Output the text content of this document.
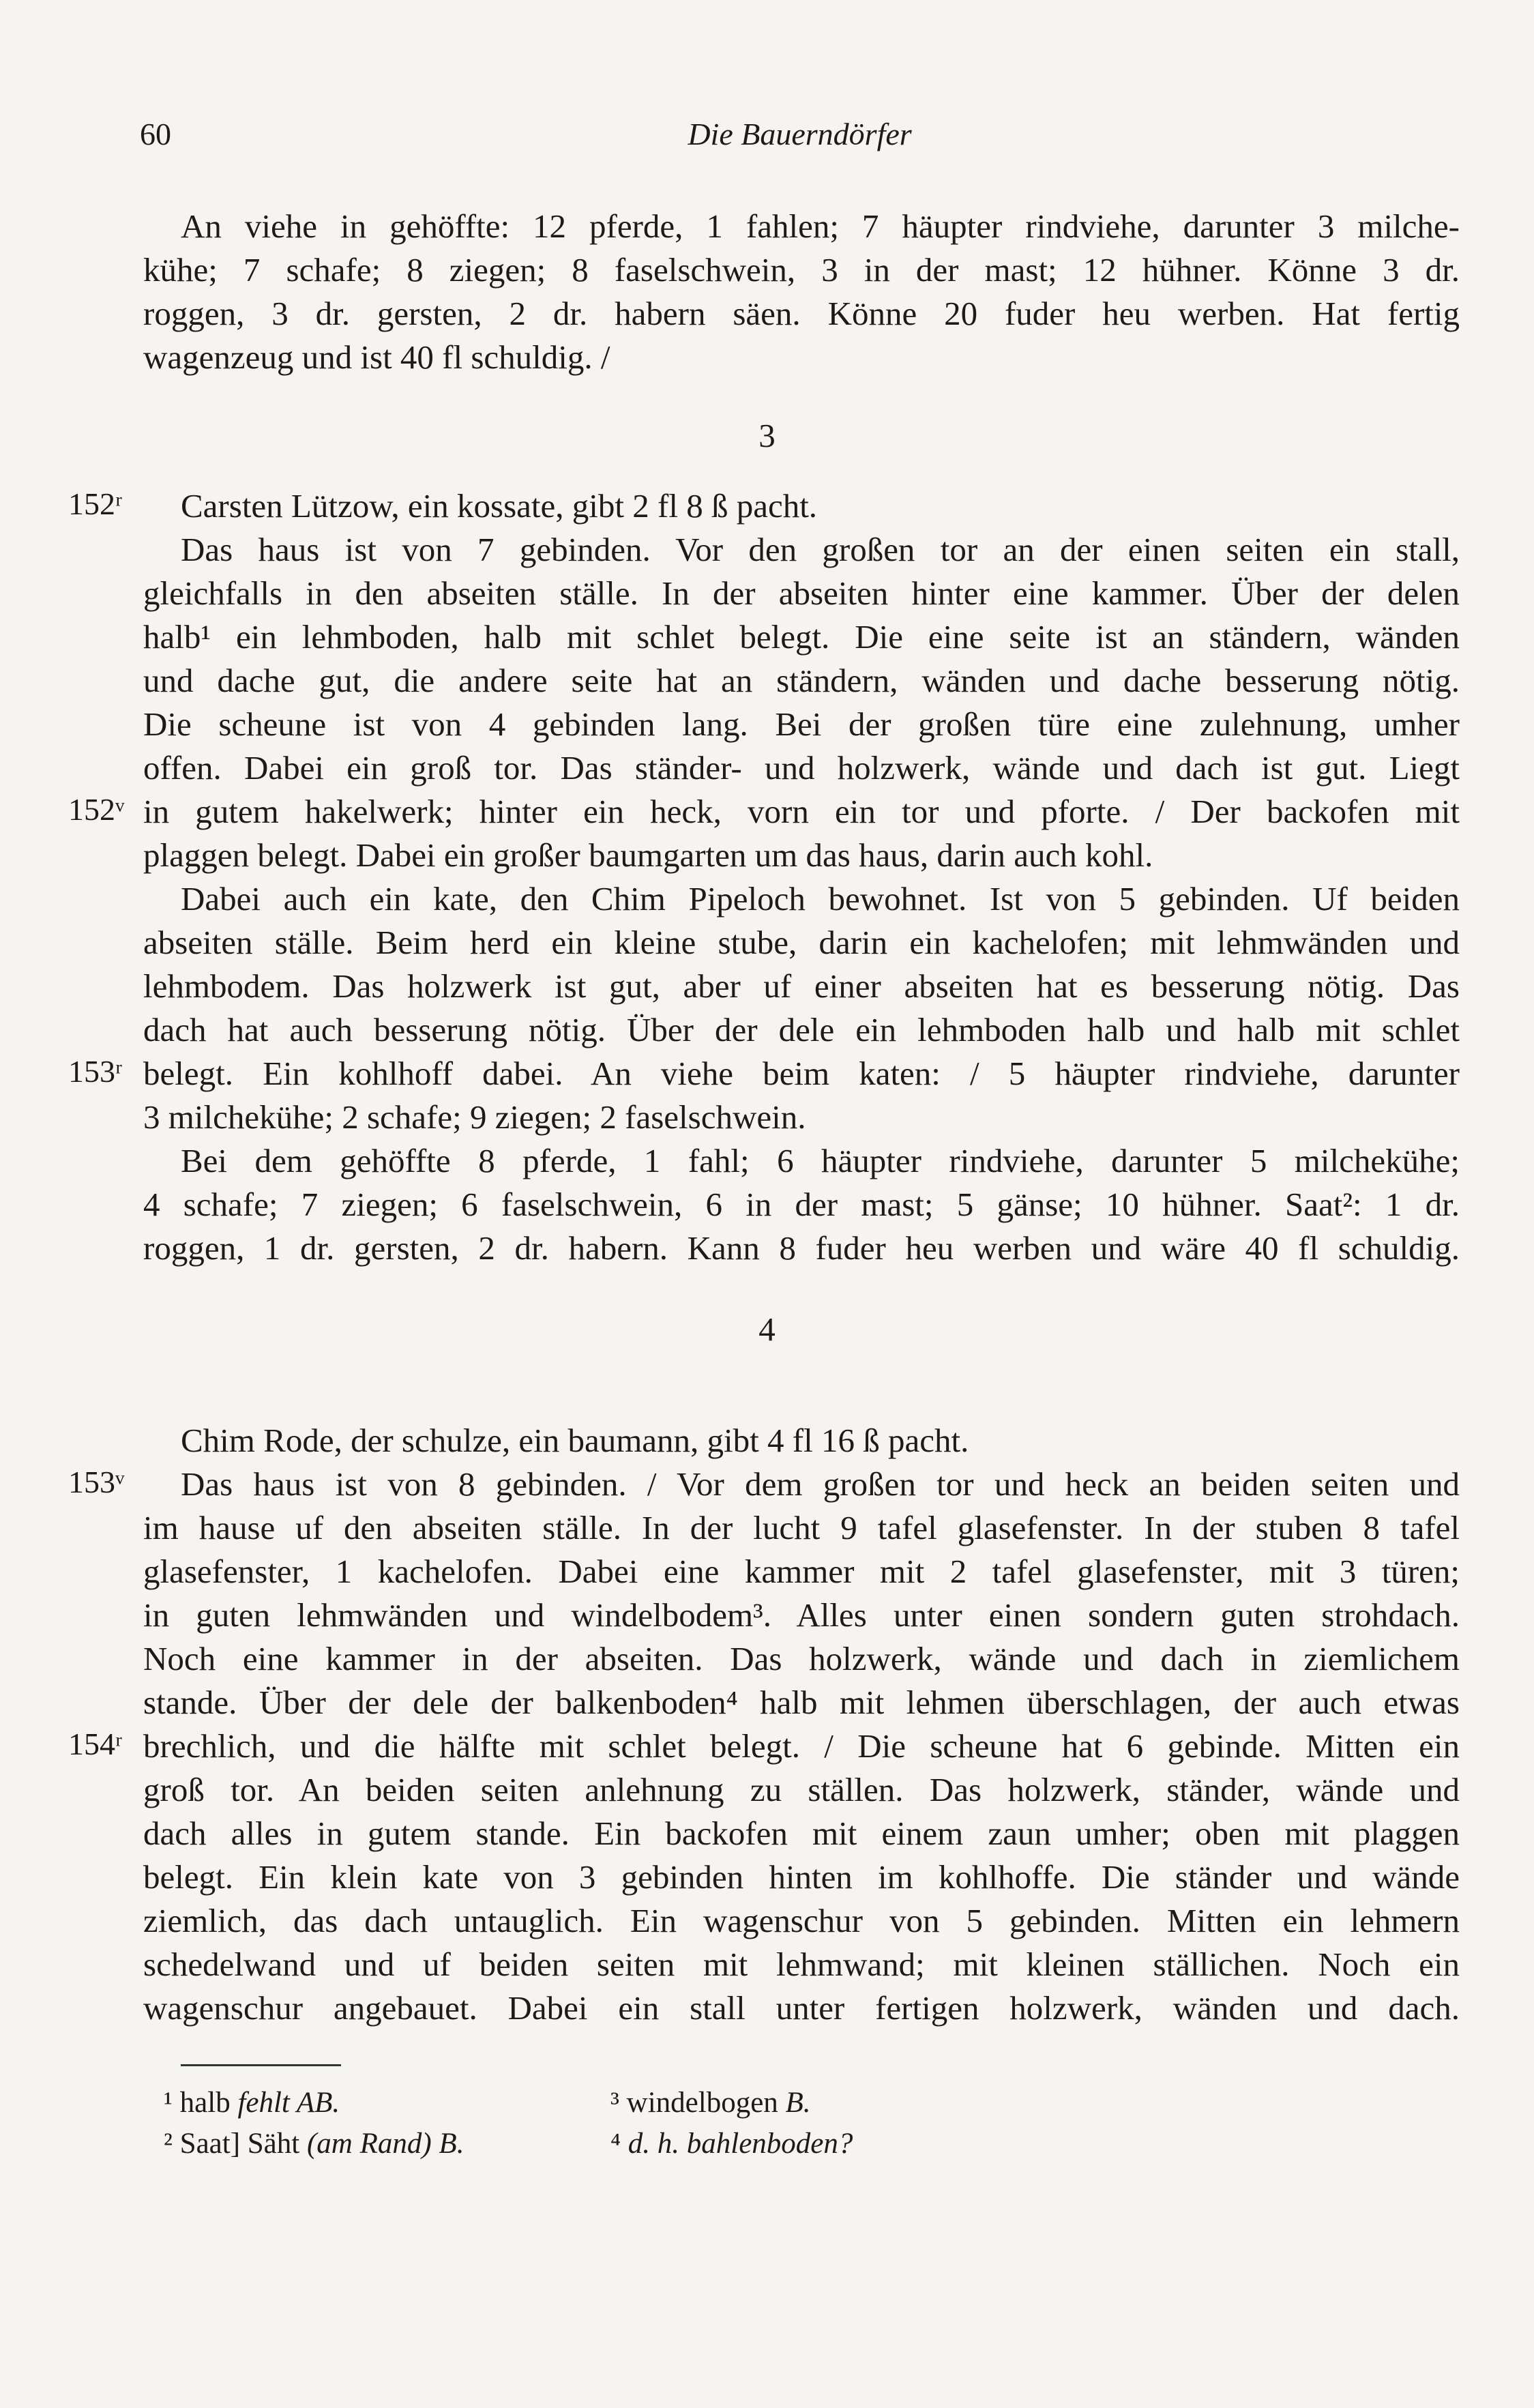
60	Die Bauerndörfer
An viehe in gehöffte: 12 pferde, 1 fahlen; 7 häupter rindviehe, darunter 3 milche-
kühe; 7 schafe; 8 ziegen; 8 faselschwein, 3 in der mast; 12 hühner. Könne 3 dr.
roggen, 3 dr. gersten, 2 dr. habern säen. Könne 20 fuder heu werben. Hat fertig
wagenzeug und ist 40 fl schuldig. /
3
Carsten Lützow, ein kossate, gibt 2 fl 8 ß pacht.
Das haus ist von 7 gebinden. Vor den großen tor an der einen seiten ein stall,
gleichfalls in den abseiten ställe. In der abseiten hinter eine kammer. Über der delen
halb¹ ein lehmboden, halb mit schlet belegt. Die eine seite ist an ständern, wänden
und dache gut, die andere seite hat an ständern, wänden und dache besserung nötig.
Die scheune ist von 4 gebinden lang. Bei der großen türe eine zulehnung, umher
offen. Dabei ein groß tor. Das ständer- und holzwerk, wände und dach ist gut. Liegt
in gutem hakelwerk; hinter ein heck, vorn ein tor und pforte. / Der backofen mit
plaggen belegt. Dabei ein großer baumgarten um das haus, darin auch kohl.
Dabei auch ein kate, den Chim Pipeloch bewohnet. Ist von 5 gebinden. Uf beiden
abseiten ställe. Beim herd ein kleine stube, darin ein kachelofen; mit lehmwänden und
lehmbodem. Das holzwerk ist gut, aber uf einer abseiten hat es besserung nötig. Das
dach hat auch besserung nötig. Über der dele ein lehmboden halb und halb mit schlet
belegt. Ein kohlhoff dabei. An viehe beim katen: / 5 häupter rindviehe, darunter
3 milchekühe; 2 schafe; 9 ziegen; 2 faselschwein.
Bei dem gehöffte 8 pferde, 1 fahl; 6 häupter rindviehe, darunter 5 milchekühe;
4 schafe; 7 ziegen; 6 faselschwein, 6 in der mast; 5 gänse; 10 hühner. Saat²: 1 dr.
roggen, 1 dr. gersten, 2 dr. habern. Kann 8 fuder heu werben und wäre 40 fl schuldig.
4
Chim Rode, der schulze, ein baumann, gibt 4 fl 16 ß pacht.
Das haus ist von 8 gebinden. / Vor dem großen tor und heck an beiden seiten und
im hause uf den abseiten ställe. In der lucht 9 tafel glasefenster. In der stuben 8 tafel
glasefenster, 1 kachelofen. Dabei eine kammer mit 2 tafel glasefenster, mit 3 türen;
in guten lehmwänden und windelbodem³. Alles unter einen sondern guten strohdach.
Noch eine kammer in der abseiten. Das holzwerk, wände und dach in ziemlichem
stande. Über der dele der balkenboden⁴ halb mit lehmen überschlagen, der auch etwas
brechlich, und die hälfte mit schlet belegt. / Die scheune hat 6 gebinde. Mitten ein
groß tor. An beiden seiten anlehnung zu ställen. Das holzwerk, ständer, wände und
dach alles in gutem stande. Ein backofen mit einem zaun umher; oben mit plaggen
belegt. Ein klein kate von 3 gebinden hinten im kohlhoffe. Die ständer und wände
ziemlich, das dach untauglich. Ein wagenschur von 5 gebinden. Mitten ein lehmern
schedelwand und uf beiden seiten mit lehmwand; mit kleinen ställichen. Noch ein
wagenschur angebauet. Dabei ein stall unter fertigen holzwerk, wänden und dach.
152ʳ
152ᵛ
153ʳ
153ᵛ
154ʳ
¹ halb fehlt AB.
² Saat] Säht (am Rand) B.
³ windelbogen B.
⁴ d. h. bahlenboden?
